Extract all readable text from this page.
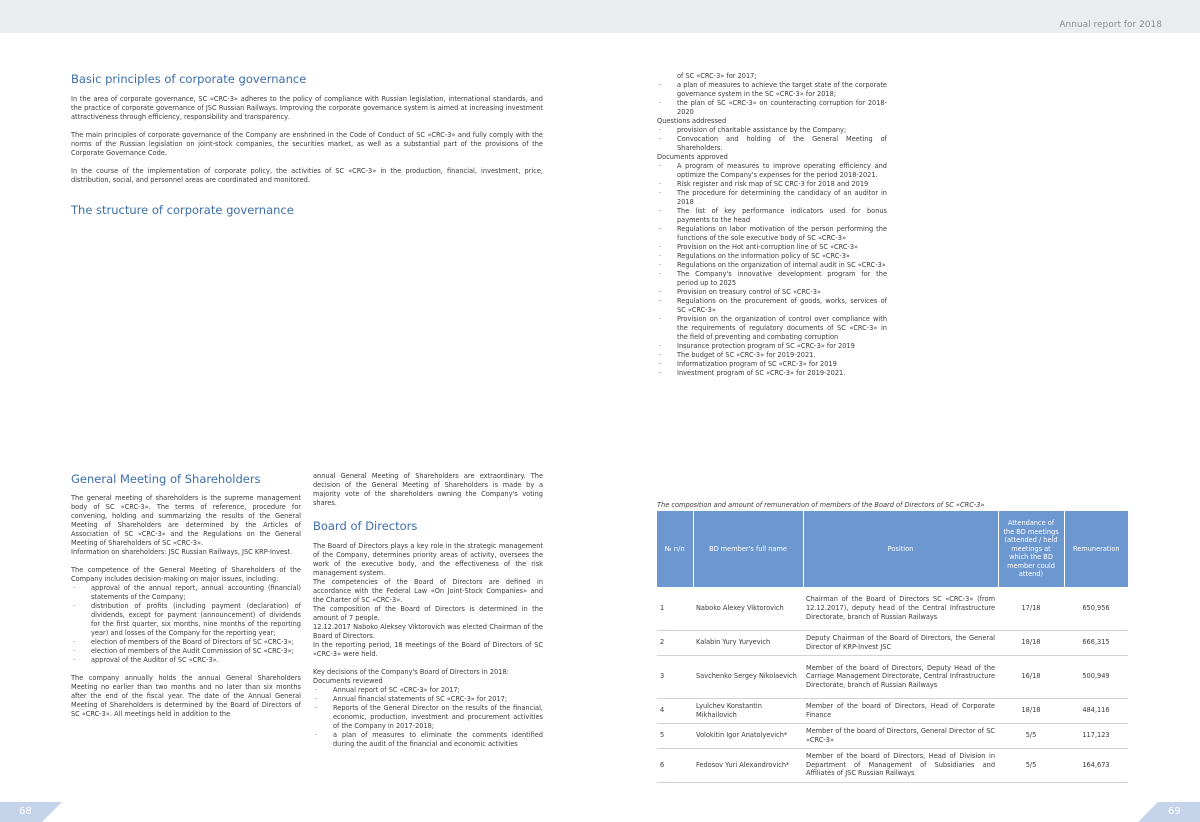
Annual report for 2018
Basic principles of corporate governance

In the area of corporate governance, SC «CRC-3» adheres to the policy of compliance with Russian legislation, international standards, and the practice of corporate governance of JSC Russian Railways. Improving the corporate governance system is aimed at increasing investment attractiveness through efficiency, responsibility and transparency.

The main principles of corporate governance of the Company are enshrined in the Code of Conduct of SC «CRC-3» and fully comply with the norms of the Russian legislation on joint-stock companies, the securities market, as well as a substantial part of the provisions of the Corporate Governance Code.

In the course of the implementation of corporate policy, the activities of SC «CRC-3» in the production, financial, investment, price, distribution, social, and personnel areas are coordinated and monitored.

The structure of corporate governance
General Meeting of Shareholders

The general meeting of shareholders is the supreme management body of SC «CRC-3». The terms of reference, procedure for convening, holding and summarizing the results of the General Meeting of Shareholders are determined by the Articles of Association of SC «CRC-3» and the Regulations on the General Meeting of Shareholders of SC «CRC-3».

Information on shareholders: JSC Russian Railways, JSC KRP-Invest.

The competence of the General Meeting of Shareholders of the Company includes decision-making on major issues, including:

· approval of the annual report, annual accounting (financial) statements of the Company;

· distribution of profits (including payment (declaration) of dividends, except for payment (announcement) of dividends for the first quarter, six months, nine months of the reporting year) and losses of the Company for the reporting year;

· election of members of the Board of Directors of SC «CRC-3»;

· election of members of the Audit Commission of SC «CRC-3»;

· approval of the Auditor of SC «CRC-3».

The company annually holds the annual General Shareholders Meeting no earlier than two months and no later than six months after the end of the fiscal year. The date of the Annual General Meeting of Shareholders is determined by the Board of Directors of SC «CRC-3». All meetings held in addition to the

annual General Meeting of Shareholders are extraordinary. The decision of the General Meeting of Shareholders is made by a majority vote of the shareholders owning the Company's voting shares.

Board of Directors

The Board of Directors plays a key role in the strategic management of the Company, determines priority areas of activity, oversees the work of the executive body, and the effectiveness of the risk management system.

The competencies of the Board of Directors are defined in accordance with the Federal Law «On Joint-Stock Companies» and the Charter of SC «CRC-3».

The composition of the Board of Directors is determined in the amount of 7 people.

12.12.2017 Naboko Aleksey Viktorovich was elected Chairman of the Board of Directors.

In the reporting period, 18 meetings of the Board of Directors of SC «CRC-3» were held.

Key decisions of the Company's Board of Directors in 2018:

Documents reviewed

· Annual report of SC «CRC-3» for 2017;

· Annual financial statements of SC «CRC-3» for 2017;

· Reports of the General Director on the results of the financial, economic, production, investment and procurement activities of the Company in 2017-2018;

· a plan of measures to eliminate the comments identified during the audit of the financial and economic activities

of SC «CRC-3» for 2017;

· a plan of measures to achieve the target state of the corporate governance system in the SC «CRC-3» for 2018;

· the plan of SC «CRC-3» on counteracting corruption for 2018-2020

Questions addressed

· provision of charitable assistance by the Company;

· Convocation and holding of the General Meeting of Shareholders.

Documents approved

· A program of measures to improve operating efficiency and optimize the Company's expenses for the period 2018-2021.

· Risk register and risk map of SC CRC-3 for 2018 and 2019

· The procedure for determining the candidacy of an auditor in 2018

· The list of key performance indicators used for bonus payments to the head

· Regulations on labor motivation of the person performing the functions of the sole executive body of SC «CRC-3»

· Provision on the Hot anti-corruption line of SC «CRC-3»

· Regulations on the information policy of SC «CRC-3»

· Regulations on the organization of internal audit in SC «CRC-3»

· The Company's innovative development program for the period up to 2025

· Provision on treasury control of SC «CRC-3»

· Regulations on the procurement of goods, works, services of SC «CRC-3»

· Provision on the organization of control over compliance with the requirements of regulatory documents of SC «CRC-3» in the field of preventing and combating corruption

· Insurance protection program of SC «CRC-3» for 2019

· The budget of SC «CRC-3» for 2019-2021.

· Informatization program of SC «CRC-3» for 2019

· Investment program of SC «CRC-3» for 2019-2021.

The composition and amount of remuneration of members of the Board of Directors of SC «CRC-3»
№ п/п	BD member's full name	Position	Attendance of the BD meetings (attended / held meetings at which the BD member could attend)	Remuneration
1	Naboko Alexey Viktorovich	Chairman of the Board of Directors SC «CRC-3» (from 12.12.2017), deputy head of the Central Infrastructure Directorate, branch of Russian Railways	17/18	650,956
2	Kalabin Yury Yuryevich	Deputy Chairman of the Board of Directors, the General Director of KRP-Invest JSC	18/18	666,315
3	Savchenko Sergey Nikolaevich	Member of the board of Directors, Deputy Head of the Carriage Management Directorate, Central Infrastructure Directorate, branch of Russian Railways	16/18	500,949
4	Lyulchev Konstantin Mikhailovich	Member of the board of Directors, Head of Corporate Finance	18/18	484,116
5	Volokitin Igor Anatolyevich*	Member of the board of Directors, General Director of SC «CRC-3»	5/5	117,123
6	Fedosov Yuri Alexandrovich*	Member of the board of Directors, Head of Division in Department of Management of Subsidiaries and Affiliates of JSC Russian Railways	5/5	164,673
68	69
